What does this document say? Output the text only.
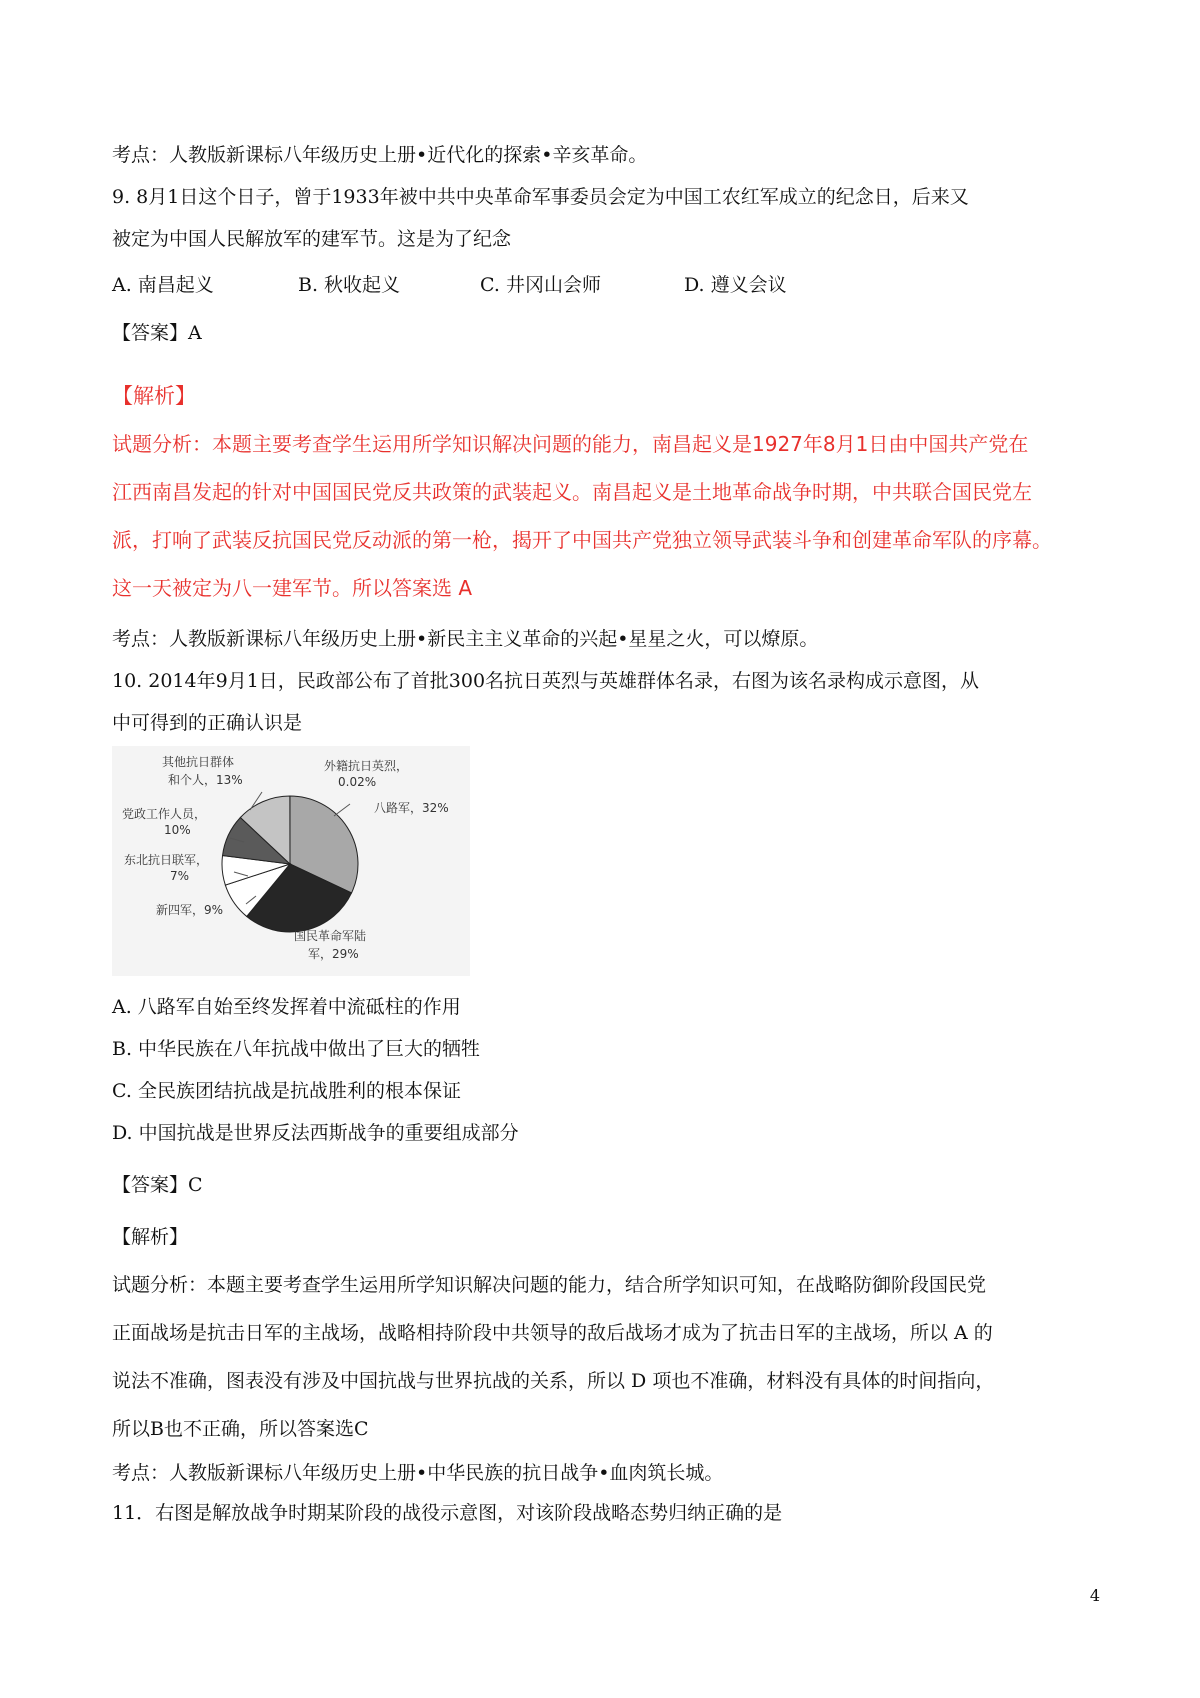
考点：人教版新课标八年级历史上册•近代化的探索•辛亥革命。
9. 8月1日这个日子，曾于1933年被中共中央革命军事委员会定为中国工农红军成立的纪念日，后来又
被定为中国人民解放军的建军节。这是为了纪念
A. 南昌起义	B. 秋收起义	C. 井冈山会师	D. 遵义会议
【答案】A
【解析】
试题分析：本题主要考查学生运用所学知识解决问题的能力，南昌起义是1927年8月1日由中国共产党在
江西南昌发起的针对中国国民党反共政策的武装起义。南昌起义是土地革命战争时期，中共联合国民党左
派，打响了武装反抗国民党反动派的第一枪，揭开了中国共产党独立领导武装斗争和创建革命军队的序幕。
这一天被定为八一建军节。所以答案选 A
考点：人教版新课标八年级历史上册•新民主主义革命的兴起•星星之火，可以燎原。
10. 2014年9月1日，民政部公布了首批300名抗日英烈与英雄群体名录，右图为该名录构成示意图，从
中可得到的正确认识是
外籍抗日英烈，
0.02%
八路军，32%
其他抗日群体
和个人，13%
党政工作人员，
10%
东北抗日联军，
7%
新四军，9%
国民革命军陆
军，29%
A. 八路军自始至终发挥着中流砥柱的作用
B. 中华民族在八年抗战中做出了巨大的牺牲
C. 全民族团结抗战是抗战胜利的根本保证
D. 中国抗战是世界反法西斯战争的重要组成部分
【答案】C
【解析】
试题分析：本题主要考查学生运用所学知识解决问题的能力，结合所学知识可知，在战略防御阶段国民党
正面战场是抗击日军的主战场，战略相持阶段中共领导的敌后战场才成为了抗击日军的主战场，所以 A 的
说法不准确，图表没有涉及中国抗战与世界抗战的关系，所以 D 项也不准确，材料没有具体的时间指向，
所以B也不正确，所以答案选C
考点：人教版新课标八年级历史上册•中华民族的抗日战争•血肉筑长城。
11．右图是解放战争时期某阶段的战役示意图，对该阶段战略态势归纳正确的是
4
